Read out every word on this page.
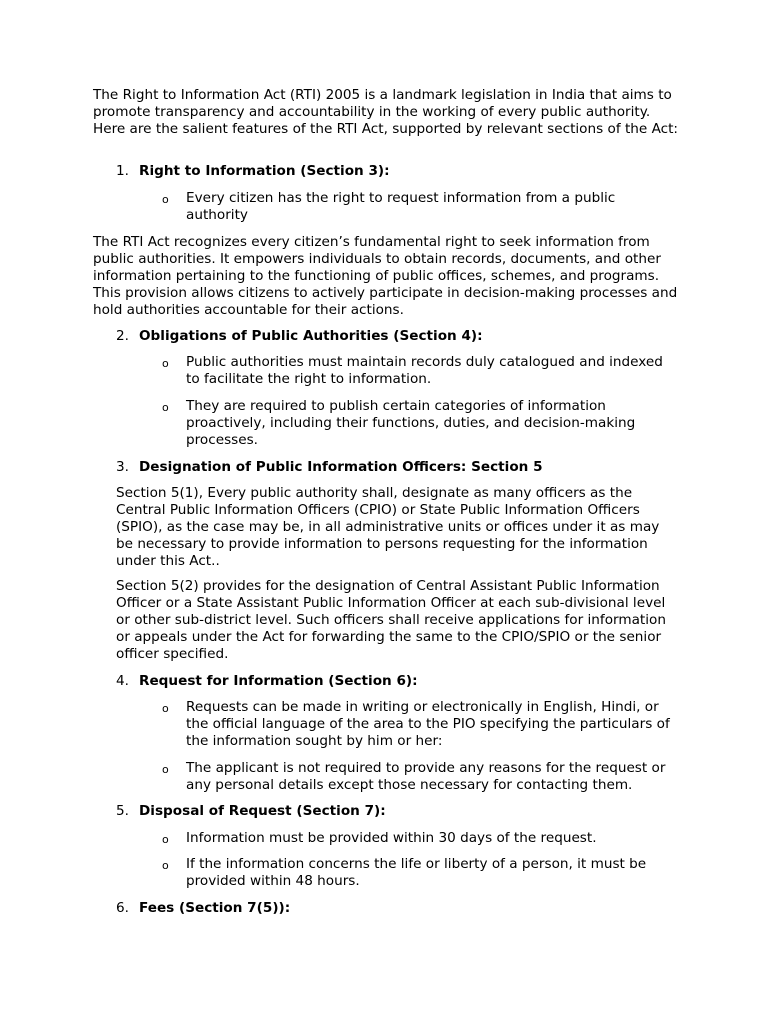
The Right to Information Act (RTI) 2005 is a landmark legislation in India that aims to promote transparency and accountability in the working of every public authority. Here are the salient features of the RTI Act, supported by relevant sections of the Act:

1. Right to Information (Section 3):

o Every citizen has the right to request information from a public authority

The RTI Act recognizes every citizen’s fundamental right to seek information from public authorities. It empowers individuals to obtain records, documents, and other information pertaining to the functioning of public offices, schemes, and programs. This provision allows citizens to actively participate in decision-making processes and hold authorities accountable for their actions.

2. Obligations of Public Authorities (Section 4):

o Public authorities must maintain records duly catalogued and indexed to facilitate the right to information.

o They are required to publish certain categories of information proactively, including their functions, duties, and decision-making processes.

3. Designation of Public Information Officers: Section 5

Section 5(1), Every public authority shall, designate as many officers as the Central Public Information Officers (CPIO) or State Public Information Officers (SPIO), as the case may be, in all administrative units or offices under it as may be necessary to provide information to persons requesting for the information under this Act..

Section 5(2) provides for the designation of Central Assistant Public Information Officer or a State Assistant Public Information Officer at each sub-divisional level or other sub-district level. Such officers shall receive applications for information or appeals under the Act for forwarding the same to the CPIO/SPIO or the senior officer specified.

4. Request for Information (Section 6):

o Requests can be made in writing or electronically in English, Hindi, or the official language of the area to the PIO specifying the particulars of the information sought by him or her:

o The applicant is not required to provide any reasons for the request or any personal details except those necessary for contacting them.

5. Disposal of Request (Section 7):

o Information must be provided within 30 days of the request.

o If the information concerns the life or liberty of a person, it must be provided within 48 hours.

6. Fees (Section 7(5)):
